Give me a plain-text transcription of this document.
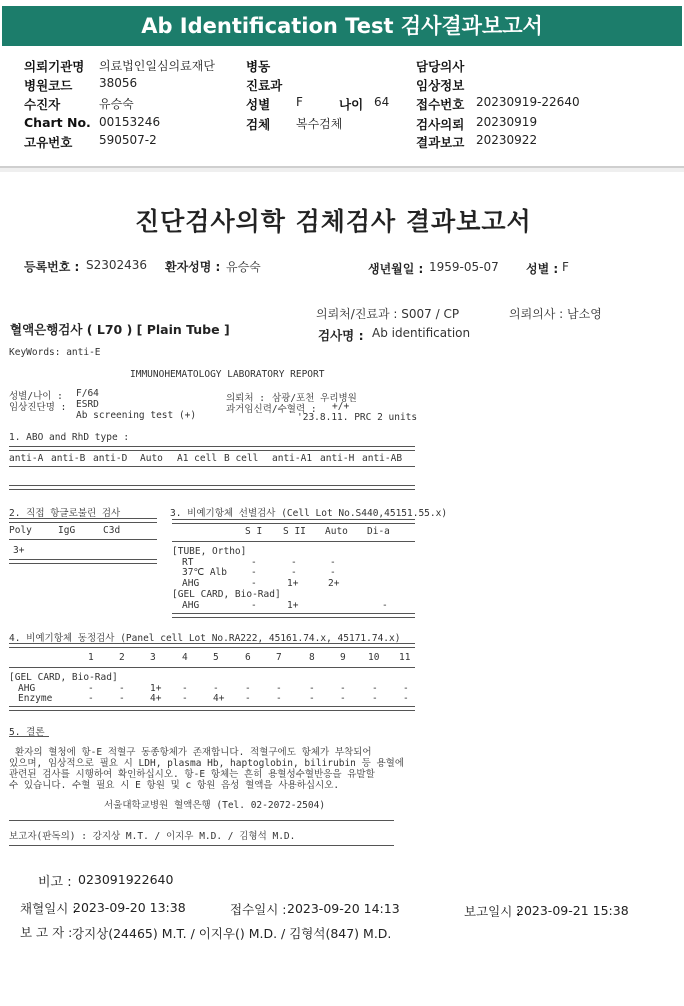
Ab Identification Test 검사결과보고서
의뢰기관명 의료법인일심의료재단
병원코드 38056
수진자	유승숙
Chart No. 00153246
고유번호 590507-2
병동
진료과
성별 F	나이 64
검체 복수검체
담당의사
임상정보
접수번호 20230919-22640
검사의뢰 20230919
결과보고 20230922
진단검사의학 검체검사 결과보고서
등록번호 : S2302436 환자성명 : 유승숙	생년월일 : 1959-05-07 성별 : F
의뢰처/진료과 : S007 / CP	의뢰의사 : 남소영
혈액은행검사 ( L70 ) [ Plain Tube ]	검사명 : Ab identification
KeyWords: anti-E
IMMUNOHEMATOLOGY LABORATORY REPORT
성별/나이 : F/64
임상진단명 : ESRD
Ab screening test (+)
의뢰처 : 삼광/포천 우리병원
과거임신력/수혈력 : +/+
'23.8.11. PRC 2 units
1. ABO and RhD type :
anti-A anti-B anti-D Auto A1 cell B cell anti-A1 anti-H anti-AB
2. 직접 항글로불린 검사
Poly	IgG	C3d
3+
3. 비예기항체 선별검사 (Cell Lot No.S440,45151.55.x)
S I S II Auto Di-a
[TUBE, Ortho]
RT	-	-	-
37℃ Alb	-	-	-
AHG	-	1+	2+
[GEL CARD, Bio-Rad]
AHG	-	1+	-
4. 비예기항체 동정검사 (Panel cell Lot No.RA222, 45161.74.x, 45171.74.x)
1	2	3	4	5	6	7	8	9 10 11
[GEL CARD, Bio-Rad]
AHG	-	-	1+ -	-	-	-	-	-	-	-
Enzyme	-	-	4+ -	4+ -	-	-	-	-	-
5. 결론
환자의 혈청에 항-E 적혈구 동종항체가 존재합니다. 적혈구에도 항체가 부착되어
있으며, 임상적으로 필요 시 LDH, plasma Hb, haptoglobin, bilirubin 등 용혈에
관련된 검사를 시행하여 확인하십시오. 항-E 항체는 흔히 용혈성수혈반응을 유발할
수 있습니다. 수혈 필요 시 E 항원 및 c 항원 음성 혈액을 사용하십시오.
서울대학교병원 혈액은행 (Tel. 02-2072-2504)
보고자(판독의) : 강지상 M.T. / 이지우 M.D. / 김형석 M.D.
비고 : 023091922640
채혈일시 :
2023-09-20 13:38	접수일시 : 2023-09-20 14:13	보고일시 :
2023-09-21 15:38
보 고 자 : 강지상(24465) M.T. / 이지우() M.D. / 김형석(847) M.D.
